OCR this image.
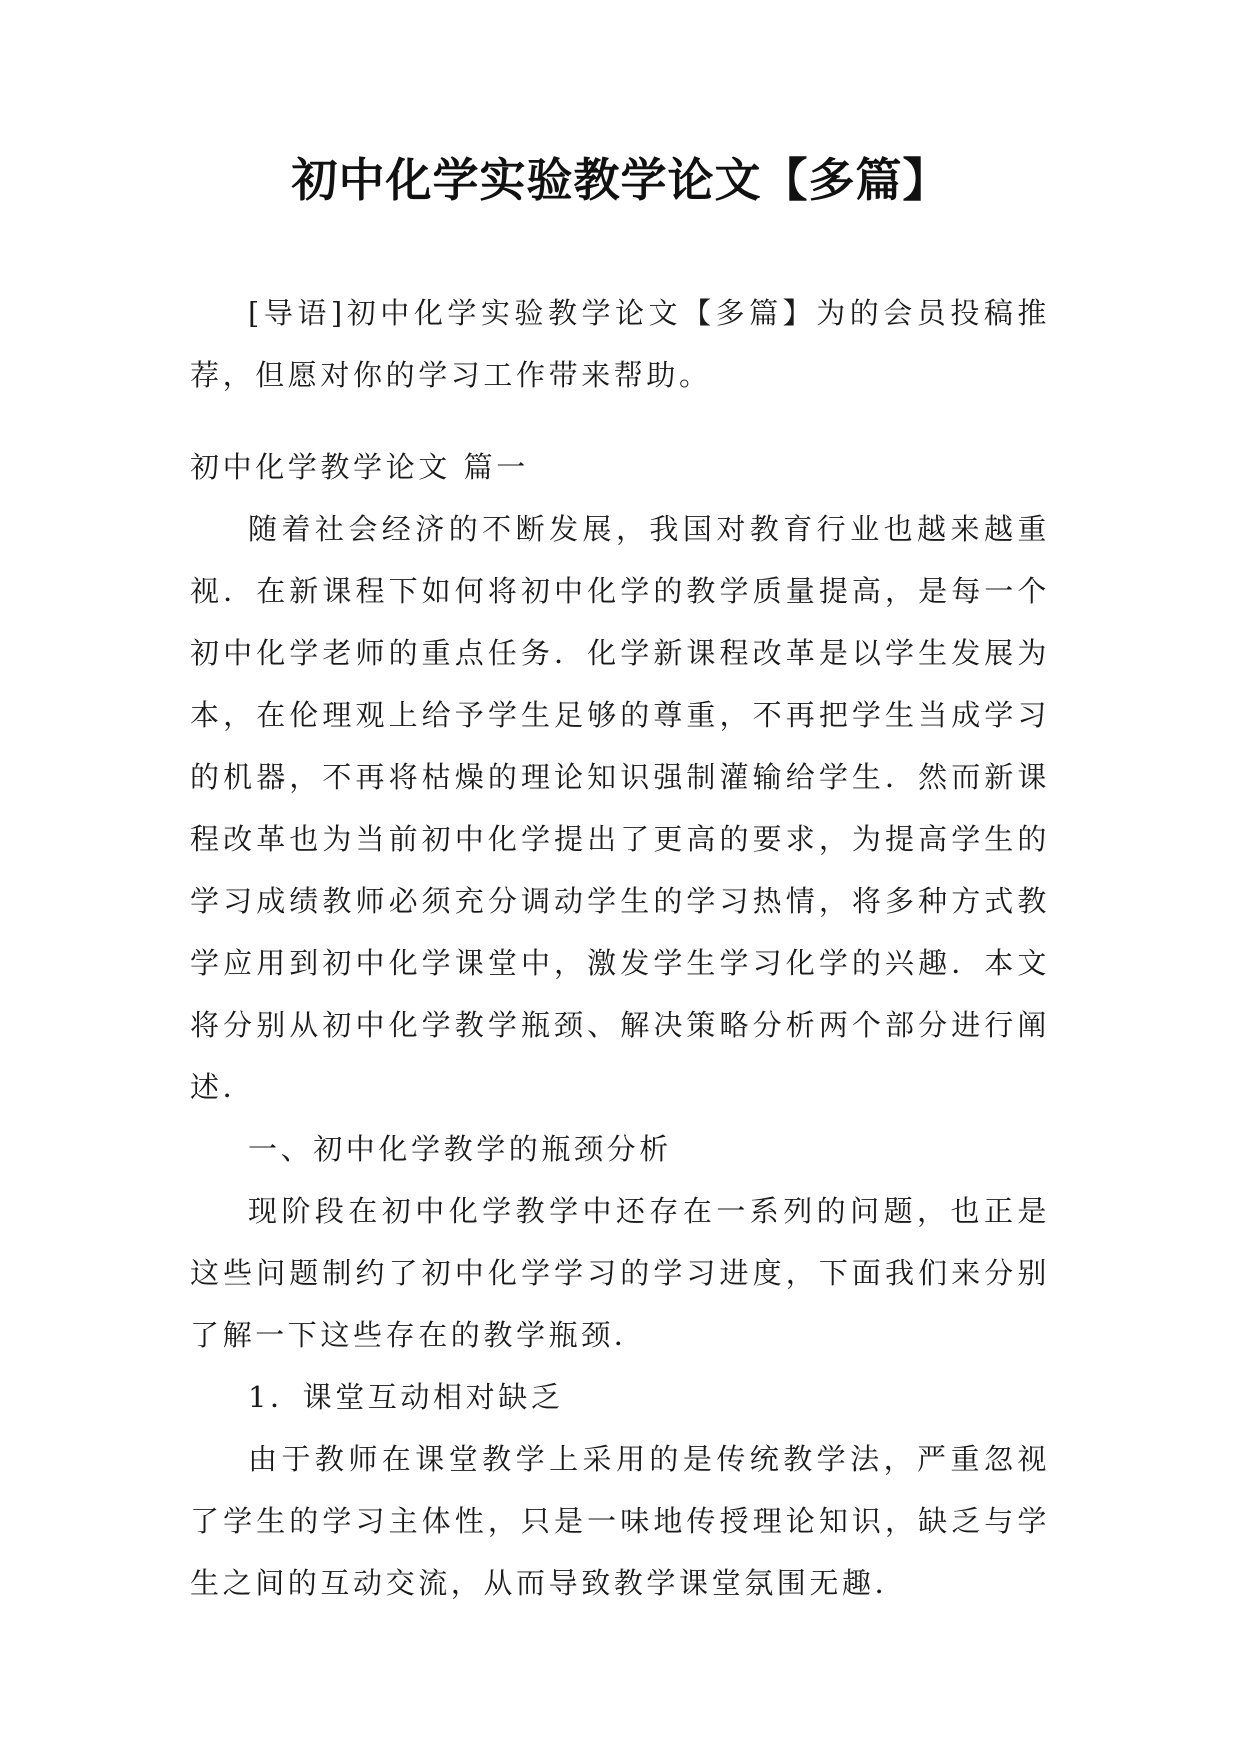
初中化学实验教学论文【多篇】

[导语]初中化学实验教学论文【多篇】为的会员投稿推荐，但愿对你的学习工作带来帮助。

初中化学教学论文 篇一

随着社会经济的不断发展，我国对教育行业也越来越重视．在新课程下如何将初中化学的教学质量提高，是每一个初中化学老师的重点任务．化学新课程改革是以学生发展为本，在伦理观上给予学生足够的尊重，不再把学生当成学习的机器，不再将枯燥的理论知识强制灌输给学生．然而新课程改革也为当前初中化学提出了更高的要求，为提高学生的学习成绩教师必须充分调动学生的学习热情，将多种方式教学应用到初中化学课堂中，激发学生学习化学的兴趣．本文将分别从初中化学教学瓶颈、解决策略分析两个部分进行阐述．

一、初中化学教学的瓶颈分析

现阶段在初中化学教学中还存在一系列的问题，也正是这些问题制约了初中化学学习的学习进度，下面我们来分别了解一下这些存在的教学瓶颈．

1．课堂互动相对缺乏

由于教师在课堂教学上采用的是传统教学法，严重忽视了学生的学习主体性，只是一味地传授理论知识，缺乏与学生之间的互动交流，从而导致教学课堂氛围无趣．
